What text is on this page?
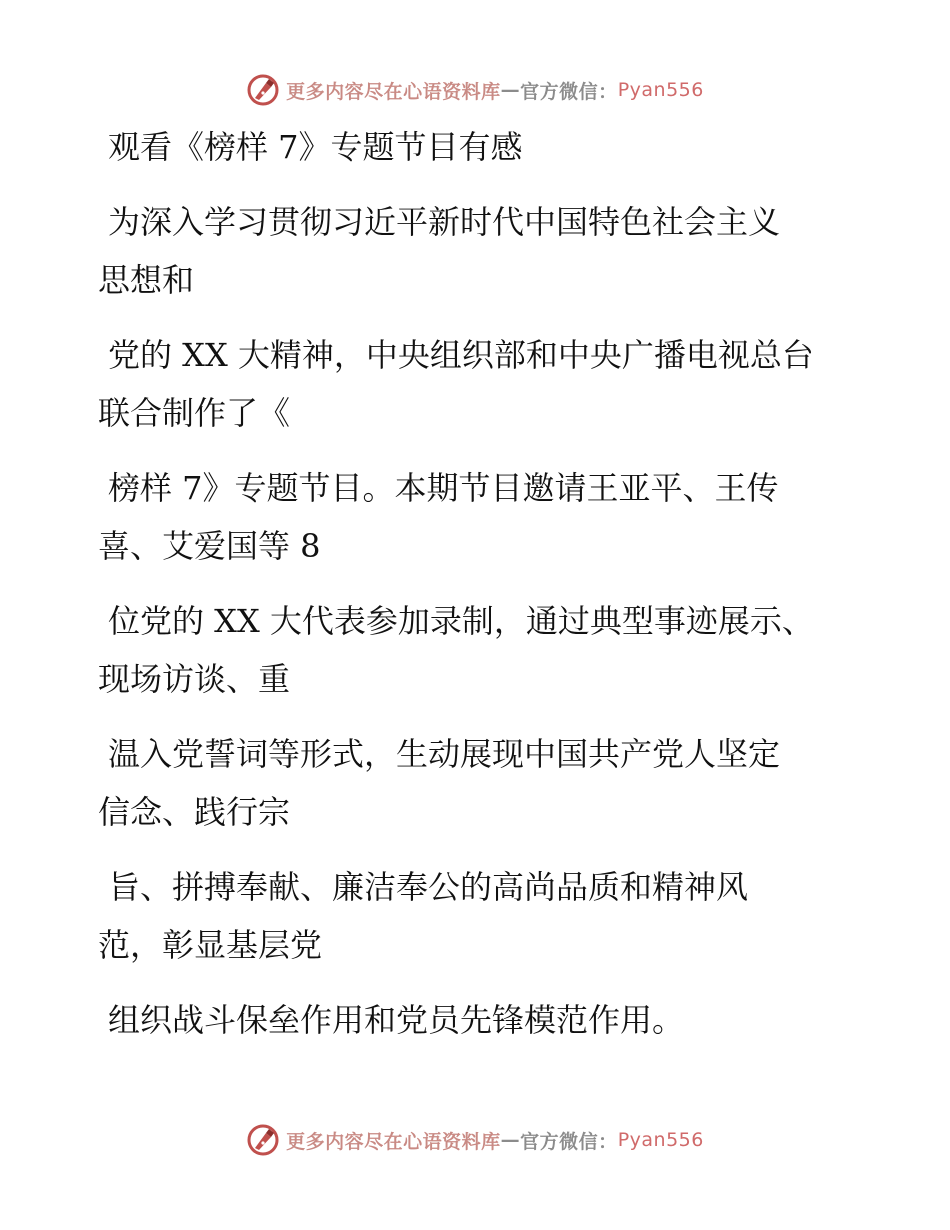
更多内容尽在心语资料库 — 官方微信： Pyan556
观看《榜样 7》专题节目有感

为深入学习贯彻习近平新时代中国特色社会主义
思想和

党的 XX 大精神，中央组织部和中央广播电视总台
联合制作了《

榜样 7》专题节目。本期节目邀请王亚平、王传
喜、艾爱国等 8

位党的 XX 大代表参加录制，通过典型事迹展示、
现场访谈、重

温入党誓词等形式，生动展现中国共产党人坚定
信念、践行宗

旨、拼搏奉献、廉洁奉公的高尚品质和精神风
范，彰显基层党

组织战斗保垒作用和党员先锋模范作用。

更多内容尽在心语资料库 — 官方微信： Pyan556
